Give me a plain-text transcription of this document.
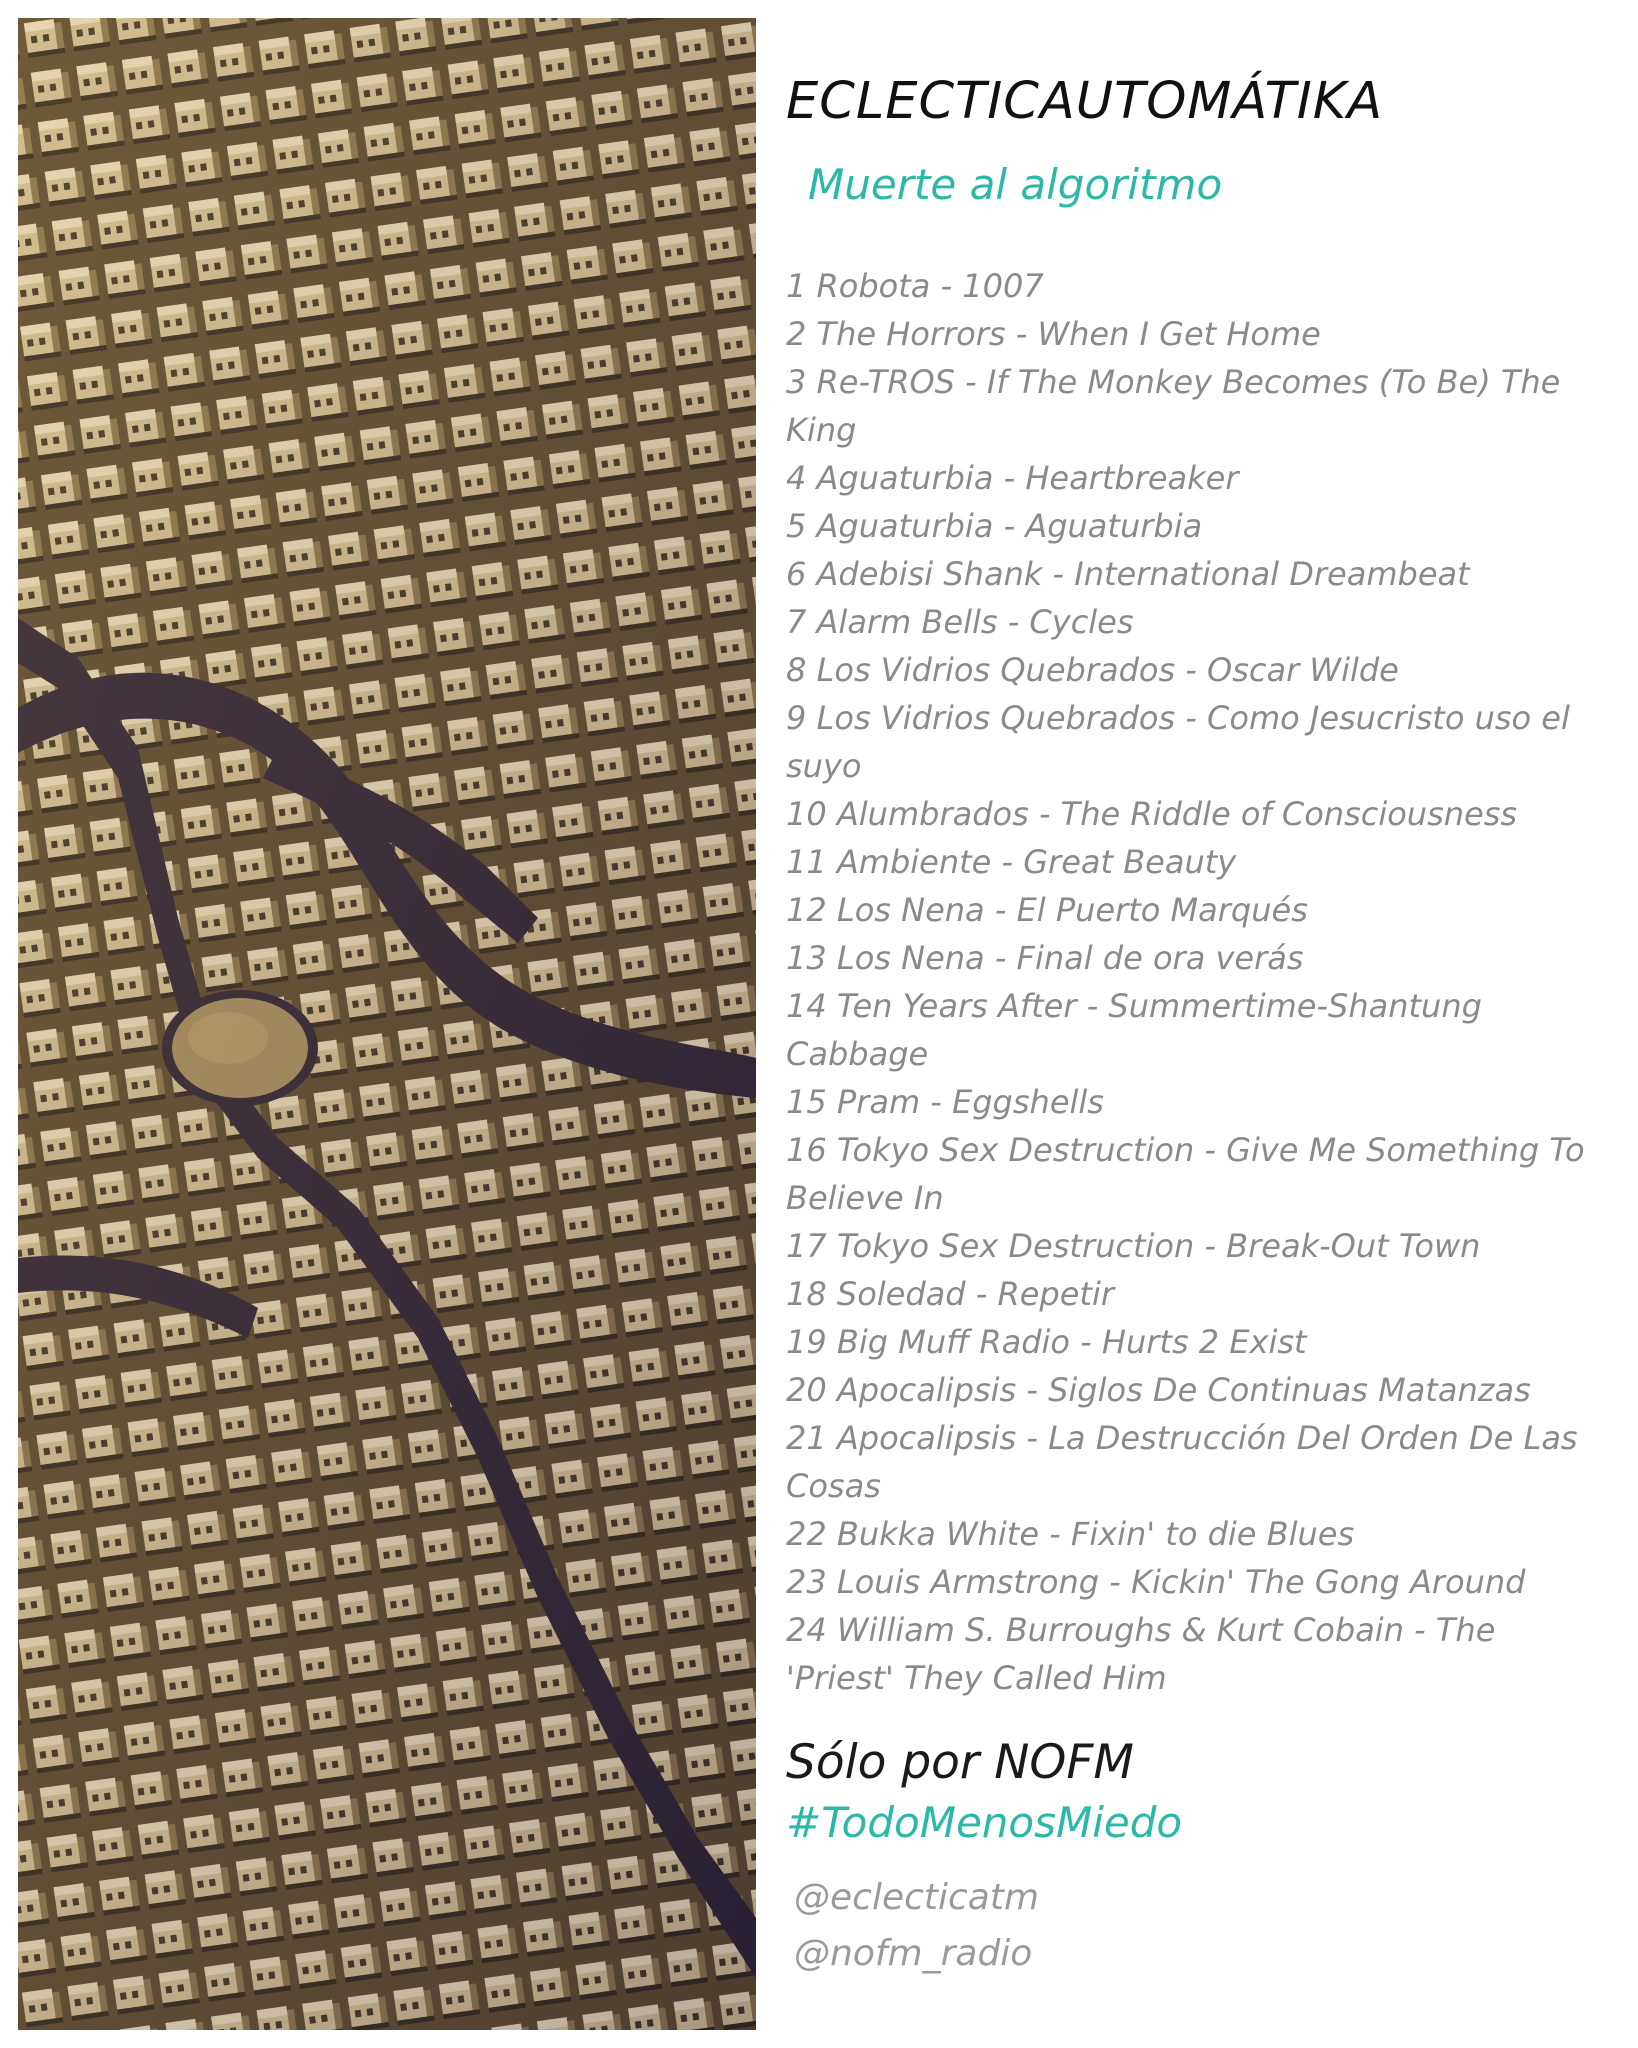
ECLECTICAUTOMÁTIKA
Muerte al algoritmo
1 Robota - 1007
2 The Horrors - When I Get Home
3 Re-TROS - If The Monkey Becomes (To Be) The King
4 Aguaturbia - Heartbreaker
5 Aguaturbia - Aguaturbia
6 Adebisi Shank - International Dreambeat
7 Alarm Bells - Cycles
8 Los Vidrios Quebrados - Oscar Wilde
9 Los Vidrios Quebrados - Como Jesucristo uso el suyo
10 Alumbrados - The Riddle of Consciousness
11 Ambiente - Great Beauty
12 Los Nena - El Puerto Marqués
13 Los Nena - Final de ora verás
14 Ten Years After - Summertime-Shantung Cabbage
15 Pram - Eggshells
16 Tokyo Sex Destruction - Give Me Something To Believe In
17 Tokyo Sex Destruction - Break-Out Town
18 Soledad - Repetir
19 Big Muff Radio - Hurts 2 Exist
20 Apocalipsis - Siglos De Continuas Matanzas
21 Apocalipsis - La Destrucción Del Orden De Las Cosas
22 Bukka White - Fixin' to die Blues
23 Louis Armstrong - Kickin' The Gong Around
24 William S. Burroughs & Kurt Cobain - The 'Priest' They Called Him
Sólo por NOFM
#TodoMenosMiedo
@eclecticatm
@nofm_radio
